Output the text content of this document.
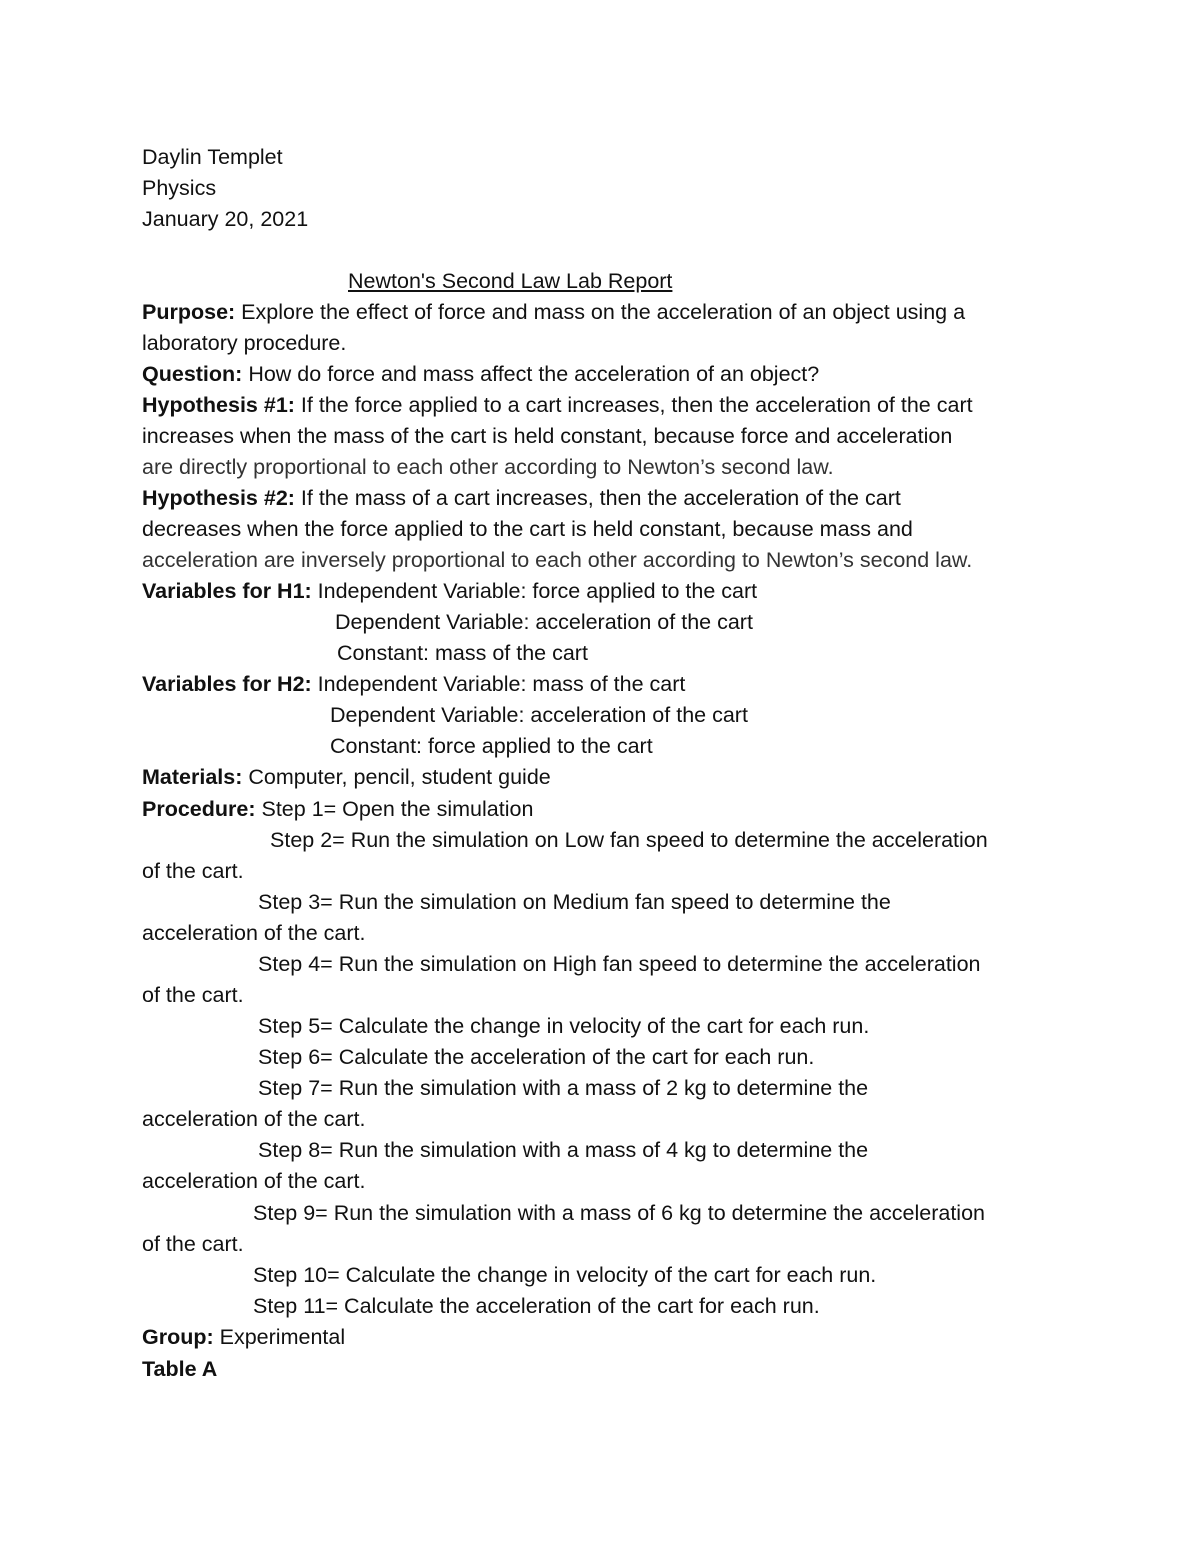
Daylin Templet
Physics
January 20, 2021
Newton's Second Law Lab Report
Purpose: Explore the effect of force and mass on the acceleration of an object using a
laboratory procedure.
Question: How do force and mass affect the acceleration of an object?
Hypothesis #1: If the force applied to a cart increases, then the acceleration of the cart
increases when the mass of the cart is held constant, because force and acceleration
are directly proportional to each other according to Newton’s second law.
Hypothesis #2: If the mass of a cart increases, then the acceleration of the cart
decreases when the force applied to the cart is held constant, because mass and
acceleration are inversely proportional to each other according to Newton’s second law.
Variables for H1: Independent Variable: force applied to the cart
Dependent Variable: acceleration of the cart
Constant: mass of the cart
Variables for H2: Independent Variable: mass of the cart
Dependent Variable: acceleration of the cart
Constant: force applied to the cart
Materials: Computer, pencil, student guide
Procedure: Step 1= Open the simulation
Step 2= Run the simulation on Low fan speed to determine the acceleration
of the cart.
Step 3= Run the simulation on Medium fan speed to determine the
acceleration of the cart.
Step 4= Run the simulation on High fan speed to determine the acceleration
of the cart.
Step 5= Calculate the change in velocity of the cart for each run.
Step 6= Calculate the acceleration of the cart for each run.
Step 7= Run the simulation with a mass of 2 kg to determine the
acceleration of the cart.
Step 8= Run the simulation with a mass of 4 kg to determine the
acceleration of the cart.
Step 9= Run the simulation with a mass of 6 kg to determine the acceleration
of the cart.
Step 10= Calculate the change in velocity of the cart for each run.
Step 11= Calculate the acceleration of the cart for each run.
Group: Experimental
Table A
